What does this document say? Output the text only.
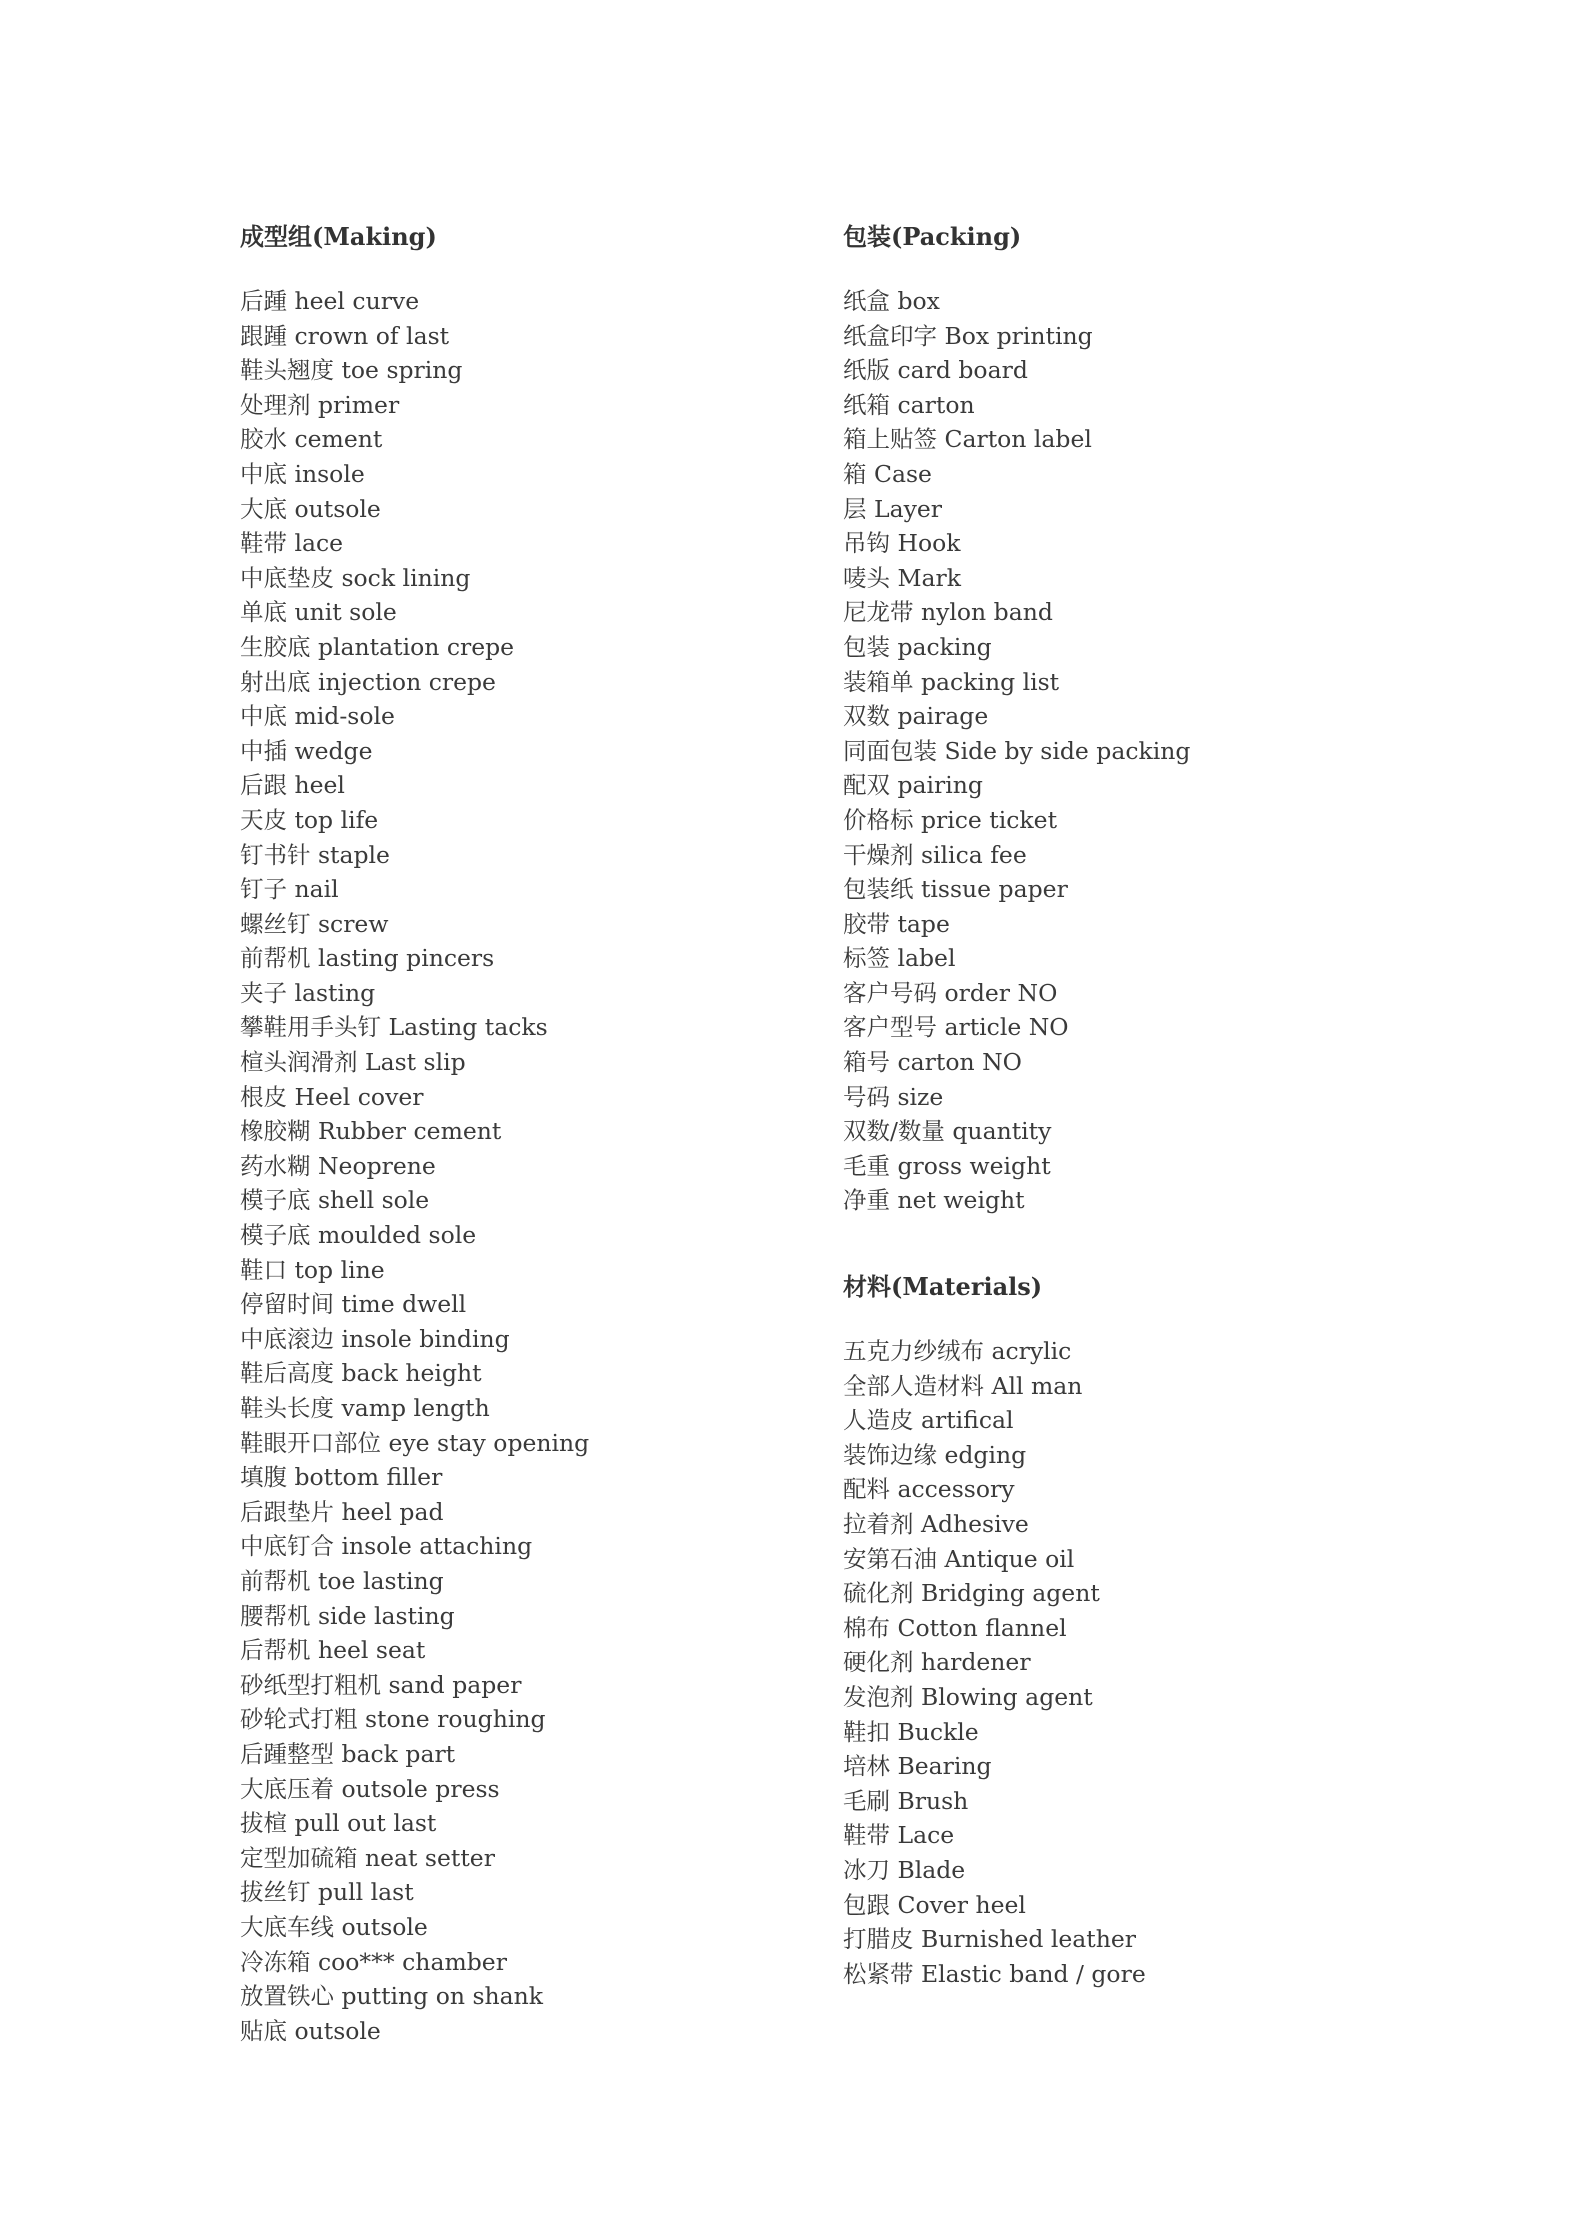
成型组(Making)
后踵 heel curve
跟踵 crown of last
鞋头翘度 toe spring
处理剂 primer
胶水 cement
中底 insole
大底 outsole
鞋带 lace
中底垫皮 sock lining
单底 unit sole
生胶底 plantation crepe
射出底 injection crepe
中底 mid-sole
中插 wedge
后跟 heel
天皮 top life
钉书针 staple
钉子 nail
螺丝钉 screw
前帮机 lasting pincers
夹子 lasting
攀鞋用手头钉 Lasting tacks
楦头润滑剂 Last slip
根皮 Heel cover
橡胶糊 Rubber cement
药水糊 Neoprene
模子底 shell sole
模子底 moulded sole
鞋口 top line
停留时间 time dwell
中底滚边 insole binding
鞋后高度 back height
鞋头长度 vamp length
鞋眼开口部位 eye stay opening
填腹 bottom filler
后跟垫片 heel pad
中底钉合 insole attaching
前帮机 toe lasting
腰帮机 side lasting
后帮机 heel seat
砂纸型打粗机 sand paper
砂轮式打粗 stone roughing
后踵整型 back part
大底压着 outsole press
拔楦 pull out last
定型加硫箱 neat setter
拔丝钉 pull last
大底车线 outsole
冷冻箱 coo*** chamber
放置铁心 putting on shank
贴底 outsole
包装(Packing)
纸盒 box
纸盒印字 Box printing
纸版 card board
纸箱 carton
箱上贴签 Carton label
箱 Case
层 Layer
吊钩 Hook
唛头 Mark
尼龙带 nylon band
包装 packing
装箱单 packing list
双数 pairage
同面包装 Side by side packing
配双 pairing
价格标 price ticket
干燥剂 silica fee
包装纸 tissue paper
胶带 tape
标签 label
客户号码 order NO
客户型号 article NO
箱号 carton NO
号码 size
双数/数量 quantity
毛重 gross weight
净重 net weight
材料(Materials)
五克力纱绒布 acrylic
全部人造材料 All man
人造皮 artifical
装饰边缘 edging
配料 accessory
拉着剂 Adhesive
安第石油 Antique oil
硫化剂 Bridging agent
棉布 Cotton flannel
硬化剂 hardener
发泡剂 Blowing agent
鞋扣 Buckle
培林 Bearing
毛刷 Brush
鞋带 Lace
冰刀 Blade
包跟 Cover heel
打腊皮 Burnished leather
松紧带 Elastic band / gore
